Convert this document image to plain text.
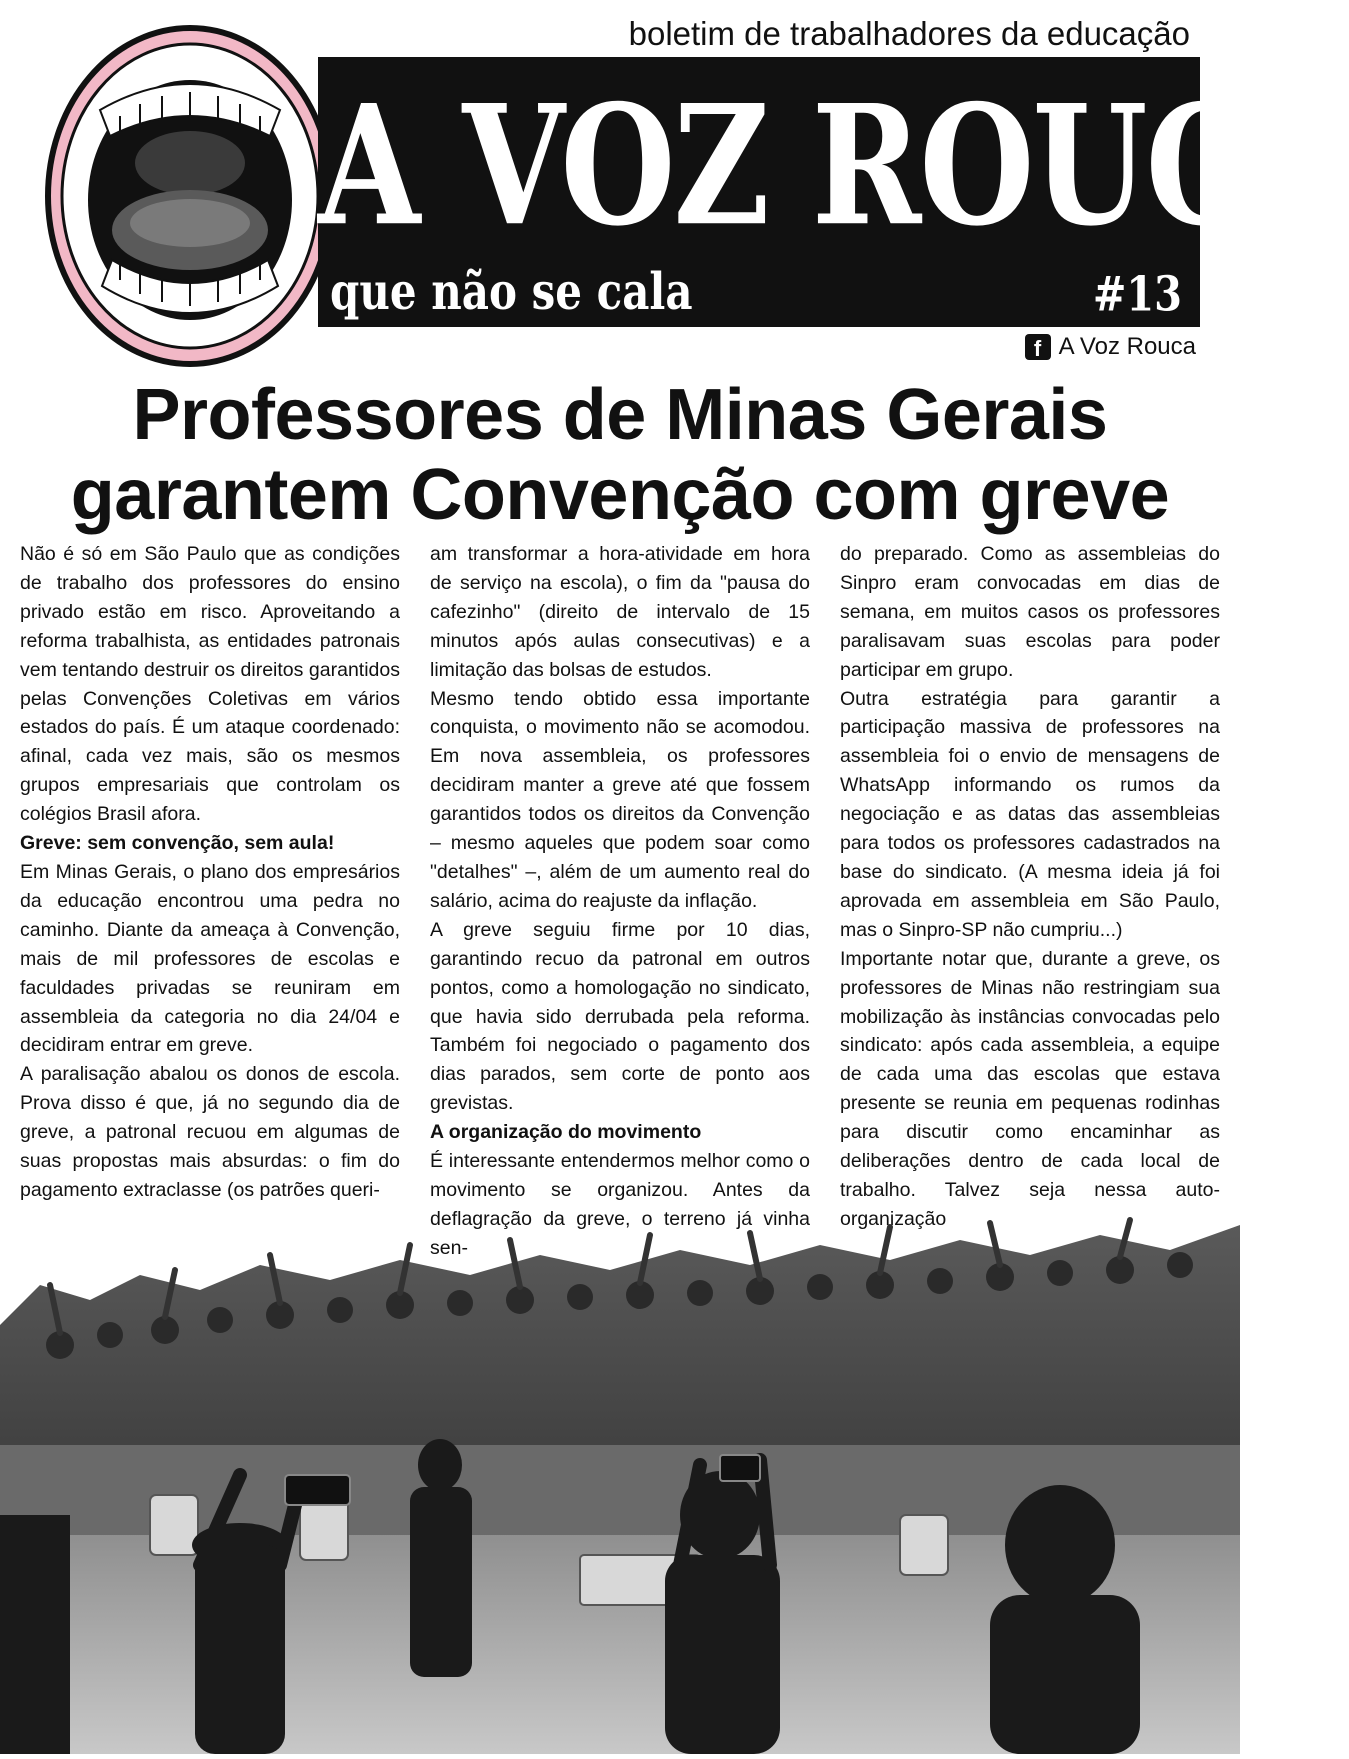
boletim de trabalhadores da educação
A VOZ ROUCA
que não se cala	#13
f A Voz Rouca
Professores de Minas Gerais
garantem Convenção com greve

Não é só em São Paulo que as condições de trabalho dos professores do ensino privado estão em risco. Aproveitando a reforma trabalhista, as entidades patronais vem tentando destruir os direitos garantidos pelas Convenções Coletivas em vários estados do país. É um ataque coordenado: afinal, cada vez mais, são os mesmos grupos empresariais que controlam os colégios Brasil afora.

Greve: sem convenção, sem aula!

Em Minas Gerais, o plano dos empresários da educação encontrou uma pedra no caminho. Diante da ameaça à Convenção, mais de mil professores de escolas e faculdades privadas se reuniram em assembleia da categoria no dia 24/04 e decidiram entrar em greve.

A paralisação abalou os donos de escola. Prova disso é que, já no segundo dia de greve, a patronal recuou em algumas de suas propostas mais absurdas: o fim do pagamento extraclasse (os patrões queri-

am transformar a hora-atividade em hora de serviço na escola), o fim da "pausa do cafezinho" (direito de intervalo de 15 minutos após aulas consecutivas) e a limitação das bolsas de estudos.

Mesmo tendo obtido essa importante conquista, o movimento não se acomodou. Em nova assembleia, os professores decidiram manter a greve até que fossem garantidos todos os direitos da Convenção – mesmo aqueles que podem soar como "detalhes" –, além de um aumento real do salário, acima do reajuste da inflação.

A greve seguiu firme por 10 dias, garantindo recuo da patronal em outros pontos, como a homologação no sindicato, que havia sido derrubada pela reforma. Também foi negociado o pagamento dos dias parados, sem corte de ponto aos grevistas.

A organização do movimento

É interessante entendermos melhor como o movimento se organizou. Antes da deflagração da greve, o terreno já vinha sen-

do preparado. Como as assembleias do Sinpro eram convocadas em dias de semana, em muitos casos os professores paralisavam suas escolas para poder participar em grupo.

Outra estratégia para garantir a participação massiva de professores na assembleia foi o envio de mensagens de WhatsApp informando os rumos da negociação e as datas das assembleias para todos os professores cadastrados na base do sindicato. (A mesma ideia já foi aprovada em assembleia em São Paulo, mas o Sinpro-SP não cumpriu...)

Importante notar que, durante a greve, os professores de Minas não restringiam sua mobilização às instâncias convocadas pelo sindicato: após cada assembleia, a equipe de cada uma das escolas que estava presente se reunia em pequenas rodinhas para discutir como encaminhar as deliberações dentro de cada local de trabalho. Talvez seja nessa auto-organização
